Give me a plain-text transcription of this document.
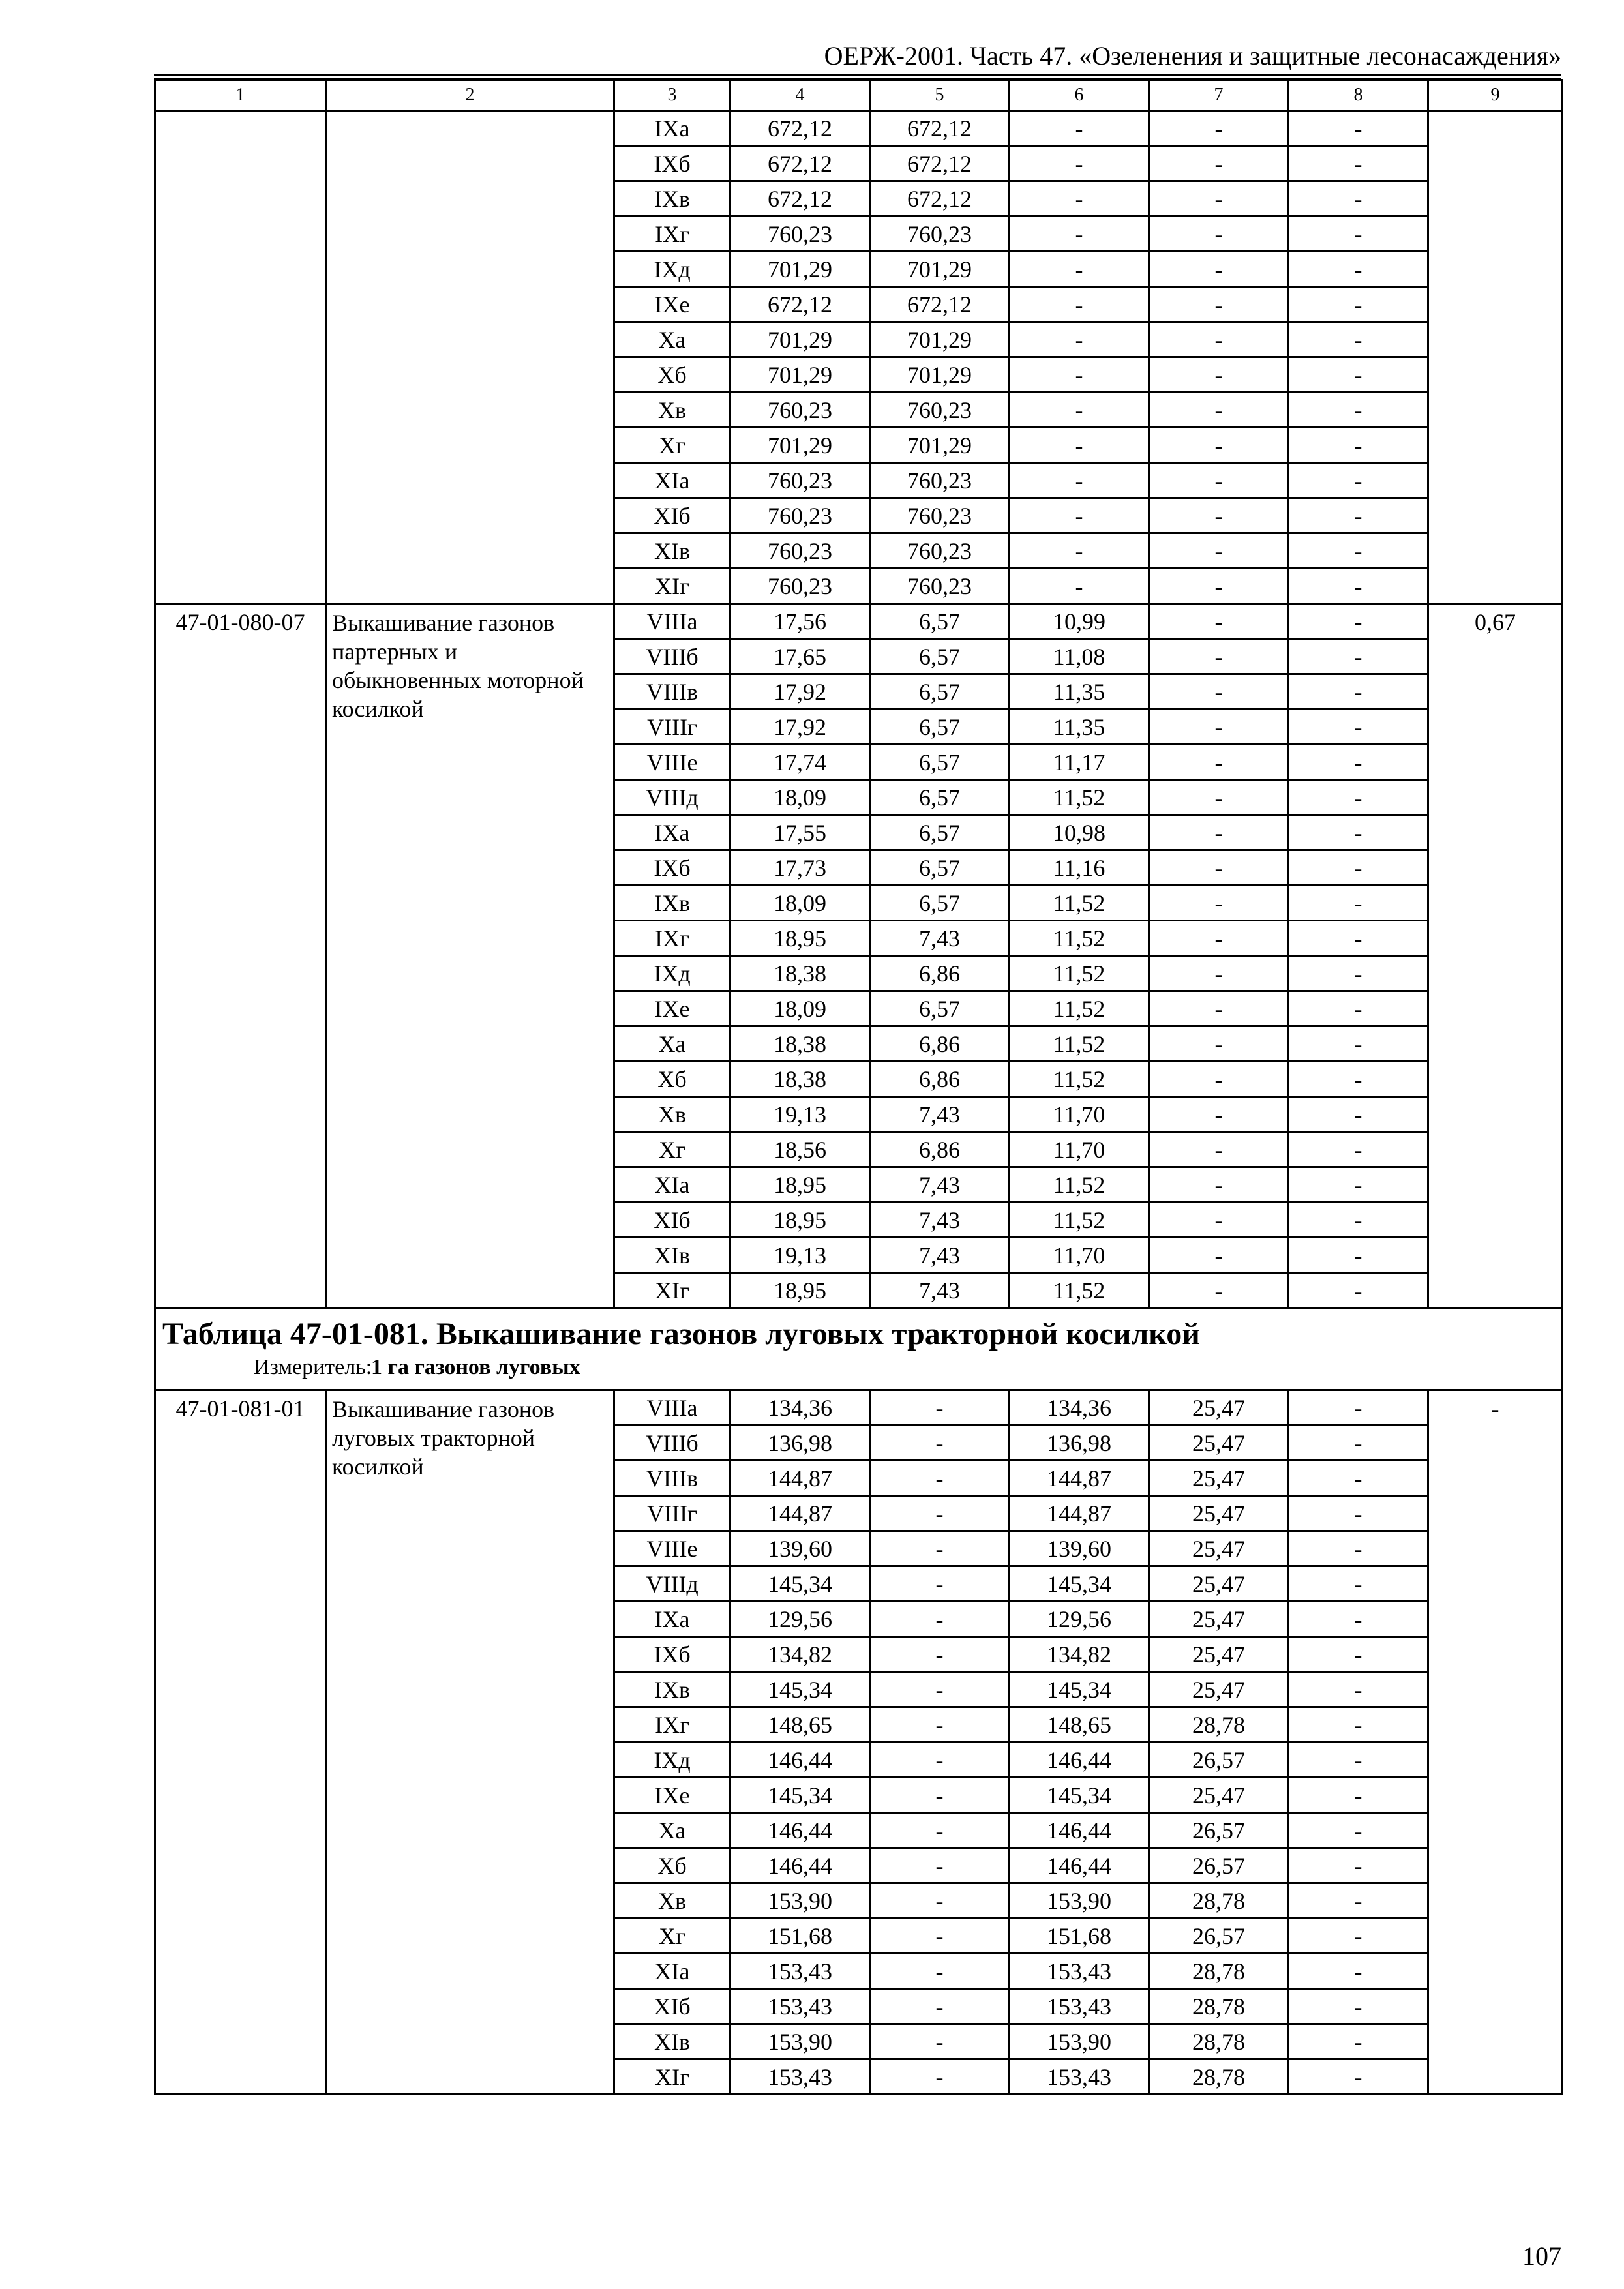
ОЕРЖ-2001. Часть 47. «Озеленения и защитные лесонасаждения»
1	2	3	4	5	6	7	8	9
		IXа	672,12	672,12	-	-	-	
		IXб	672,12	672,12	-	-	-	
		IXв	672,12	672,12	-	-	-	
		IXг	760,23	760,23	-	-	-	
		IXд	701,29	701,29	-	-	-	
		IXе	672,12	672,12	-	-	-	
		Xа	701,29	701,29	-	-	-	
		Xб	701,29	701,29	-	-	-	
		Xв	760,23	760,23	-	-	-	
		Xг	701,29	701,29	-	-	-	
		XIа	760,23	760,23	-	-	-	
		XIб	760,23	760,23	-	-	-	
		XIв	760,23	760,23	-	-	-	
		XIг	760,23	760,23	-	-	-	
47-01-080-07	Выкашивание газонов партерных и обыкновенных моторной косилкой	VIIIа	17,56	6,57	10,99	-	-	0,67
		VIIIб	17,65	6,57	11,08	-	-	
		VIIIв	17,92	6,57	11,35	-	-	
		VIIIг	17,92	6,57	11,35	-	-	
		VIIIе	17,74	6,57	11,17	-	-	
		VIIIд	18,09	6,57	11,52	-	-	
		IXа	17,55	6,57	10,98	-	-	
		IXб	17,73	6,57	11,16	-	-	
		IXв	18,09	6,57	11,52	-	-	
		IXг	18,95	7,43	11,52	-	-	
		IXд	18,38	6,86	11,52	-	-	
		IXе	18,09	6,57	11,52	-	-	
		Xа	18,38	6,86	11,52	-	-	
		Xб	18,38	6,86	11,52	-	-	
		Xв	19,13	7,43	11,70	-	-	
		Xг	18,56	6,86	11,70	-	-	
		XIа	18,95	7,43	11,52	-	-	
		XIб	18,95	7,43	11,52	-	-	
		XIв	19,13	7,43	11,70	-	-	
		XIг	18,95	7,43	11,52	-	-	

Таблица 47-01-081. Выкашивание газонов луговых тракторной косилкой
Измеритель:1 га газонов луговых								

47-01-081-01	Выкашивание газонов луговых тракторной косилкой	VIIIа	134,36	-	134,36	25,47	-	-
		VIIIб	136,98	-	136,98	25,47	-	
		VIIIв	144,87	-	144,87	25,47	-	
		VIIIг	144,87	-	144,87	25,47	-	
		VIIIе	139,60	-	139,60	25,47	-	
		VIIIд	145,34	-	145,34	25,47	-	
		IXа	129,56	-	129,56	25,47	-	
		IXб	134,82	-	134,82	25,47	-	
		IXв	145,34	-	145,34	25,47	-	
		IXг	148,65	-	148,65	28,78	-	
		IXд	146,44	-	146,44	26,57	-	
		IXе	145,34	-	145,34	25,47	-	
		Xа	146,44	-	146,44	26,57	-	
		Xб	146,44	-	146,44	26,57	-	
		Xв	153,90	-	153,90	28,78	-	
		Xг	151,68	-	151,68	26,57	-	
		XIа	153,43	-	153,43	28,78	-	
		XIб	153,43	-	153,43	28,78	-	
		XIв	153,90	-	153,90	28,78	-	
		XIг	153,43	-	153,43	28,78	-	
107
